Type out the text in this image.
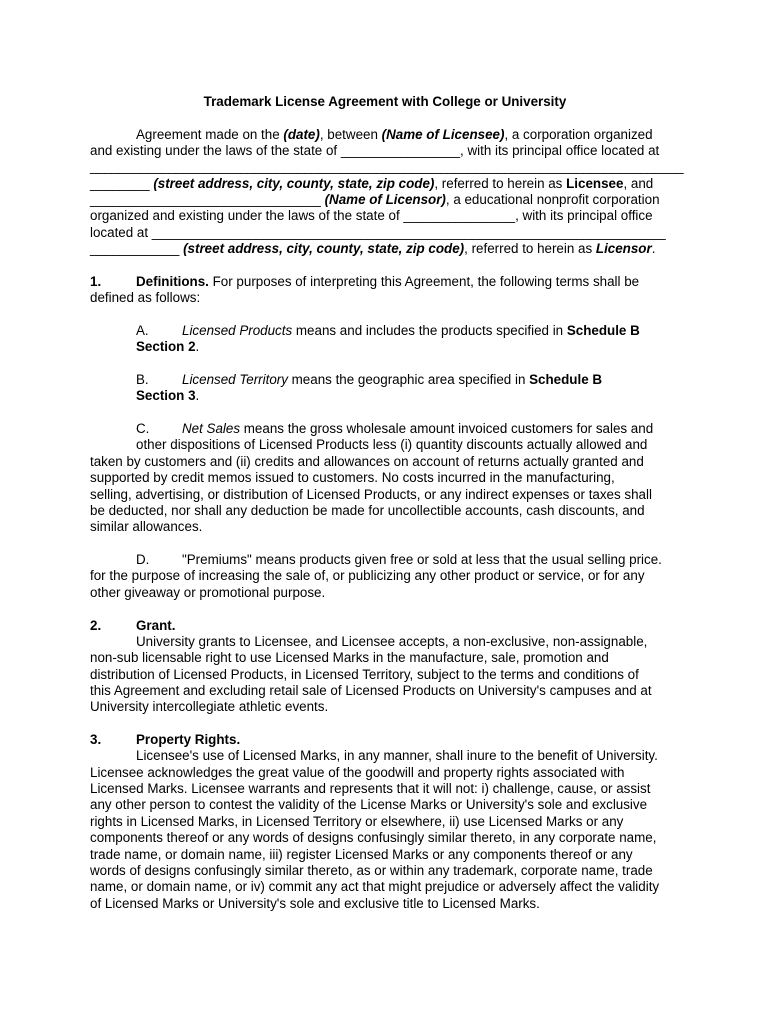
Trademark License Agreement with College or University
Agreement made on the (date), between (Name of Licensee), a corporation organized
and existing under the laws of the state of ________________, with its principal office located at
___________________________________________________________________________________
________ (street address, city, county, state, zip code), referred to herein as Licensee, and
_______________________________ (Name of Licensor), a educational nonprofit corporation
organized and existing under the laws of the state of _______________, with its principal office
located at _____________________________________________________________________
____________ (street address, city, county, state, zip code), referred to herein as Licensor.
1.	Definitions. For purposes of interpreting this Agreement, the following terms shall be
defined as follows:
A. Licensed Products means and includes the products specified in Schedule B
Section 2.
B. Licensed Territory means the geographic area specified in Schedule B
Section 3.
C. Net Sales means the gross wholesale amount invoiced customers for sales and
other dispositions of Licensed Products less (i) quantity discounts actually allowed and
taken by customers and (ii) credits and allowances on account of returns actually granted and
supported by credit memos issued to customers. No costs incurred in the manufacturing,
selling, advertising, or distribution of Licensed Products, or any indirect expenses or taxes shall
be deducted, nor shall any deduction be made for uncollectible accounts, cash discounts, and
similar allowances.
D. "Premiums" means products given free or sold at less that the usual selling price.
for the purpose of increasing the sale of, or publicizing any other product or service, or for any
other giveaway or promotional purpose.
2.	Grant.
University grants to Licensee, and Licensee accepts, a non-exclusive, non-assignable,
non-sub licensable right to use Licensed Marks in the manufacture, sale, promotion and
distribution of Licensed Products, in Licensed Territory, subject to the terms and conditions of
this Agreement and excluding retail sale of Licensed Products on University's campuses and at
University intercollegiate athletic events.
3.	Property Rights.
Licensee's use of Licensed Marks, in any manner, shall inure to the benefit of University.
Licensee acknowledges the great value of the goodwill and property rights associated with
Licensed Marks. Licensee warrants and represents that it will not: i) challenge, cause, or assist
any other person to contest the validity of the License Marks or University's sole and exclusive
rights in Licensed Marks, in Licensed Territory or elsewhere, ii) use Licensed Marks or any
components thereof or any words of designs confusingly similar thereto, in any corporate name,
trade name, or domain name, iii) register Licensed Marks or any components thereof or any
words of designs confusingly similar thereto, as or within any trademark, corporate name, trade
name, or domain name, or iv) commit any act that might prejudice or adversely affect the validity
of Licensed Marks or University's sole and exclusive title to Licensed Marks.
